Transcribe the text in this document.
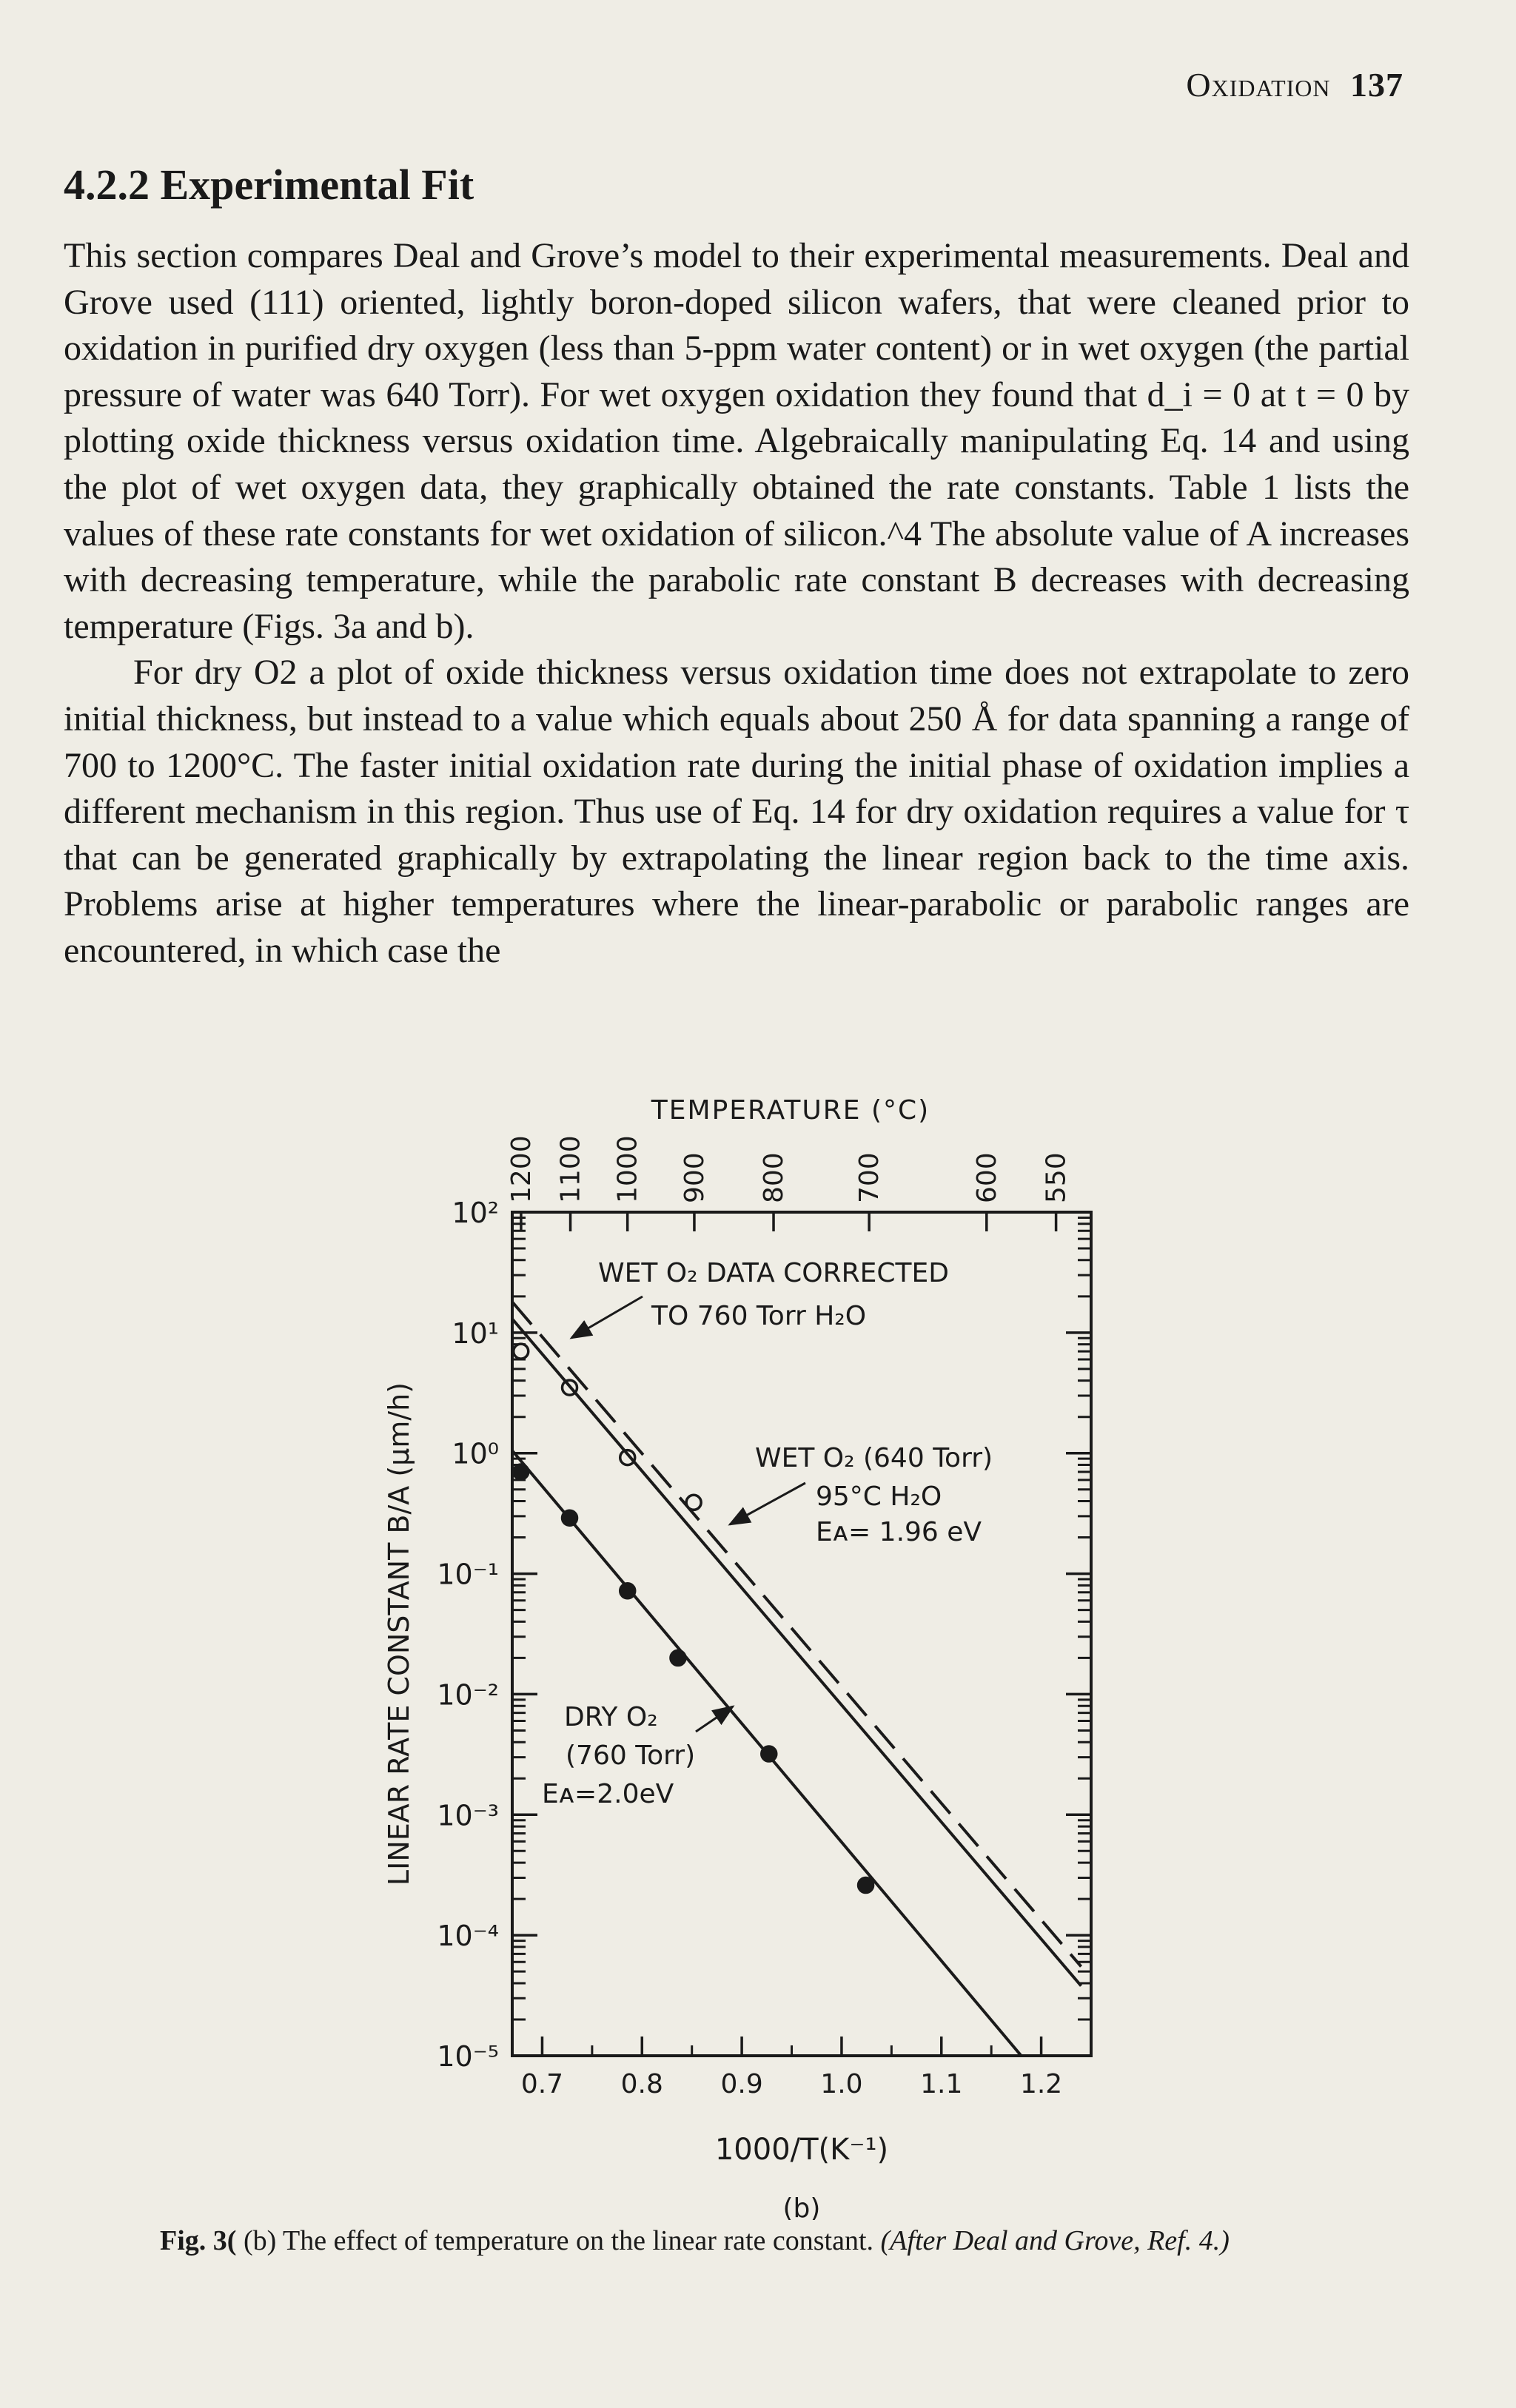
Oxidation 137
4.2.2 Experimental Fit

This section compares Deal and Grove’s model to their experimental measurements. Deal and Grove used (111) oriented, lightly boron-doped silicon wafers, that were cleaned prior to oxidation in purified dry oxygen (less than 5-ppm water content) or in wet oxygen (the partial pressure of water was 640 Torr). For wet oxygen oxidation they found that d_i = 0 at t = 0 by plotting oxide thickness versus oxidation time. Algebraically manipulating Eq. 14 and using the plot of wet oxygen data, they graphically obtained the rate constants. Table 1 lists the values of these rate constants for wet oxidation of silicon.^4 The absolute value of A increases with decreasing temperature, while the parabolic rate constant B decreases with decreasing temperature (Figs. 3a and b).

For dry O2 a plot of oxide thickness versus oxidation time does not extrapolate to zero initial thickness, but instead to a value which equals about 250 Å for data spanning a range of 700 to 1200°C. The faster initial oxidation rate during the initial phase of oxidation implies a different mechanism in this region. Thus use of Eq. 14 for dry oxidation requires a value for τ that can be generated graphically by extrapolating the linear region back to the time axis. Problems arise at higher temperatures where the linear-parabolic or parabolic ranges are encountered, in which case the

10²
10¹
10⁰
10⁻¹
10⁻²
10⁻³
10⁻⁴
10⁻⁵
0.7 0.8 0.9 1.0 1.1 1.2
1000/T(K⁻¹)
(b)
LINEAR RATE CONSTANT B/A (µm/h)
TEMPERATURE (°C)
1200 1100 1000 900 800 700	600 550
WET O₂ DATA CORRECTED
TO 760 Torr H₂O
WET O₂ (640 Torr)
95°C H₂O
Eᴀ= 1.96 eV
DRY O₂
(760 Torr)
Eᴀ=2.0eV
Fig. 3( (b) The effect of temperature on the linear rate constant. (After Deal and Grove, Ref. 4.)
